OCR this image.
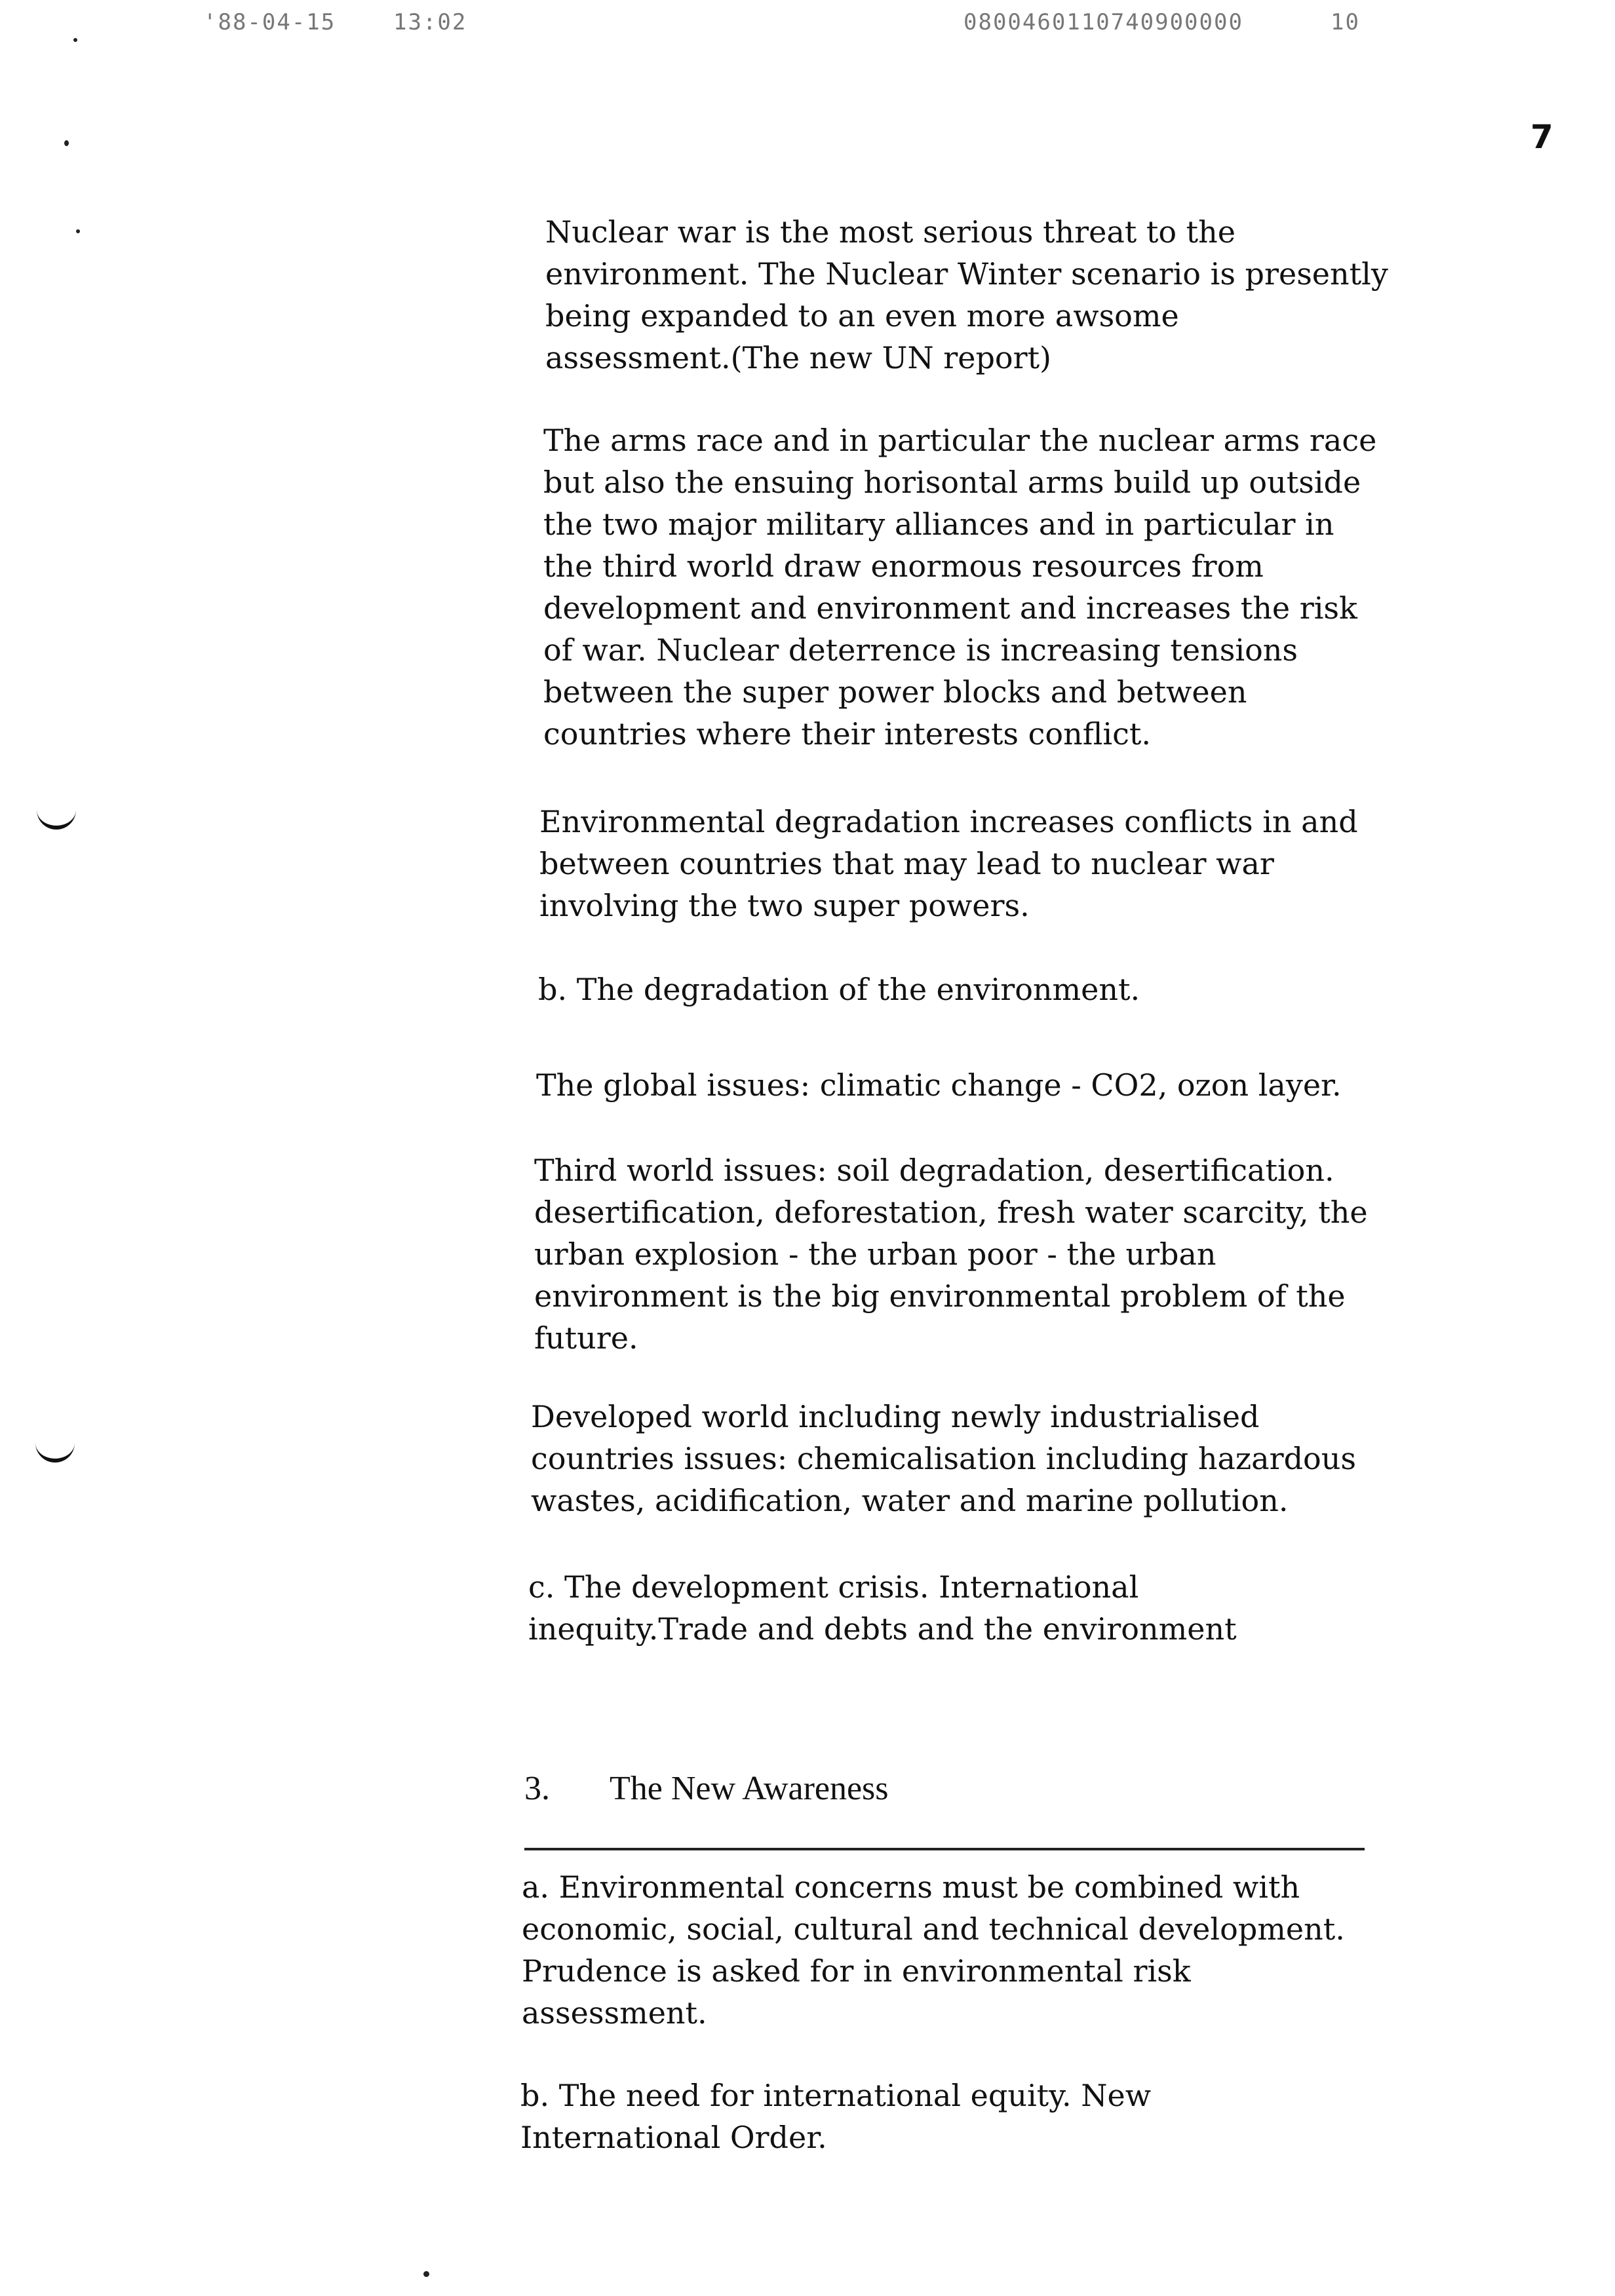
'88-04-15	13:02	0800460110740900000	10
7

Nuclear war is the most serious threat to the
environment. The Nuclear Winter scenario is presently
being expanded to an even more awsome
assessment.(The new UN report)

The arms race and in particular the nuclear arms race
but also the ensuing horisontal arms build up outside
the two major military alliances and in particular in
the third world draw enormous resources from
development and environment and increases the risk
of war. Nuclear deterrence is increasing tensions
between the super power blocks and between
countries where their interests conflict.

Environmental degradation increases conflicts in and
between countries that may lead to nuclear war
involving the two super powers.

b. The degradation of the environment.

The global issues: climatic change - CO2, ozon layer.

Third world issues: soil degradation, desertification.
desertification, deforestation, fresh water scarcity, the
urban explosion - the urban poor - the urban
environment is the big environmental problem of the
future.

Developed world including newly industrialised
countries issues: chemicalisation including hazardous
wastes, acidification, water and marine pollution.

c. The development crisis. International
inequity.Trade and debts and the environment

3. The New Awareness

a. Environmental concerns must be combined with
economic, social, cultural and technical development.
Prudence is asked for in environmental risk
assessment.

b. The need for international equity. New
International Order.
